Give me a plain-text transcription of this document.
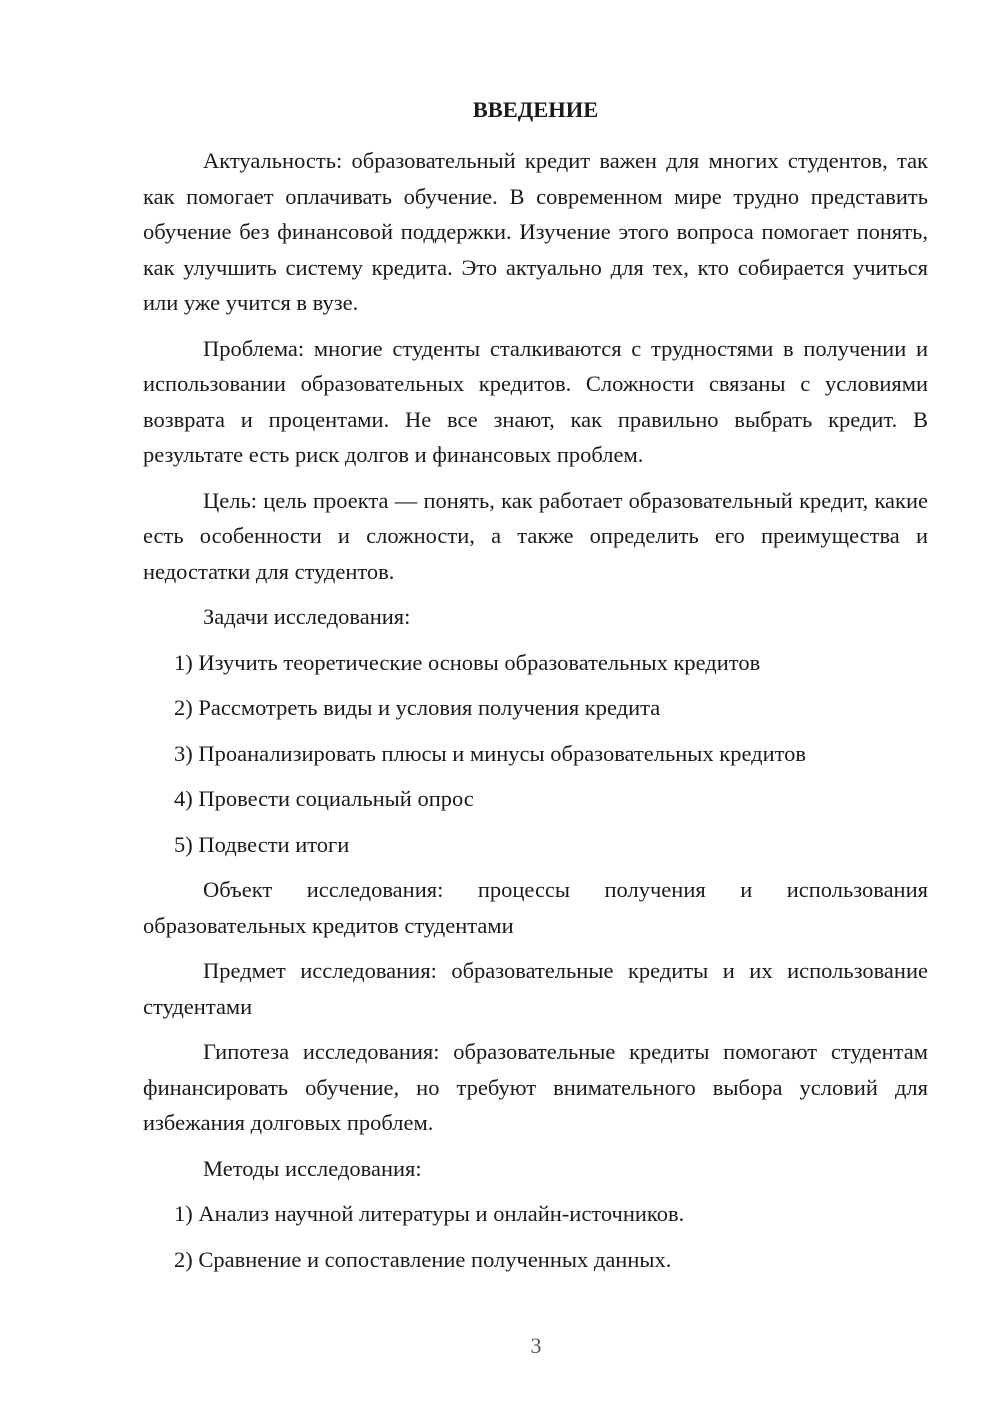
ВВЕДЕНИЕ

Актуальность: образовательный кредит важен для многих студентов, так как помогает оплачивать обучение. В современном мире трудно представить обучение без финансовой поддержки. Изучение этого вопроса помогает понять, как улучшить систему кредита. Это актуально для тех, кто собирается учиться или уже учится в вузе.

Проблема: многие студенты сталкиваются с трудностями в получении и использовании образовательных кредитов. Сложности связаны с условиями возврата и процентами. Не все знают, как правильно выбрать кредит. В результате есть риск долгов и финансовых проблем.

Цель: цель проекта — понять, как работает образовательный кредит, какие есть особенности и сложности, а также определить его преимущества и недостатки для студентов.

Задачи исследования:

1) Изучить теоретические основы образовательных кредитов

2) Рассмотреть виды и условия получения кредита

3) Проанализировать плюсы и минусы образовательных кредитов

4) Провести социальный опрос

5) Подвести итоги

Объект исследования: процессы получения и использования образовательных кредитов студентами

Предмет исследования: образовательные кредиты и их использование студентами

Гипотеза исследования: образовательные кредиты помогают студентам финансировать обучение, но требуют внимательного выбора условий для избежания долговых проблем.

Методы исследования:

1) Анализ научной литературы и онлайн-источников.

2) Сравнение и сопоставление полученных данных.

3
